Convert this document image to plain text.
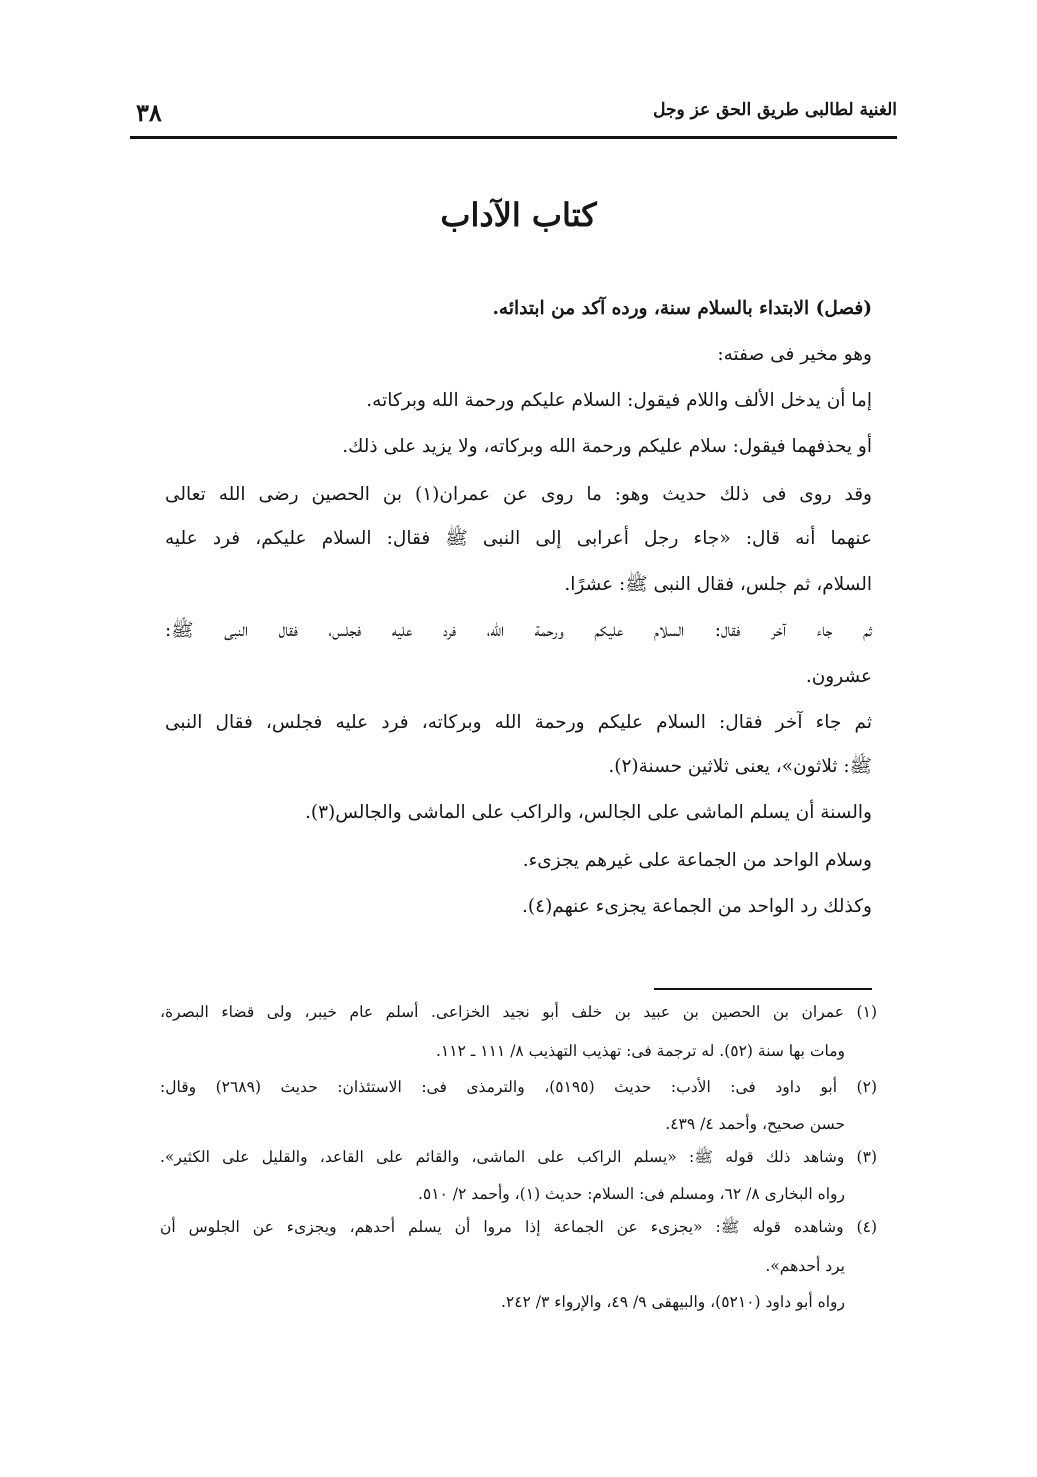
الغنية لطالبى طريق الحق عز وجل
٣٨
كتاب الآداب
(فصل) الابتداء بالسلام سنة، ورده آكد من ابتدائه.
وهو مخير فى صفته:
إما أن يدخل الألف واللام فيقول: السلام عليكم ورحمة الله وبركاته.
أو يحذفهما فيقول: سلام عليكم ورحمة الله وبركاته، ولا يزيد على ذلك.
وقد روى فى ذلك حديث وهو: ما روى عن عمران(١) بن الحصين رضى الله تعالى
عنهما أنه قال: «جاء رجل أعرابى إلى النبى ﷺ فقال: السلام عليكم، فرد عليه
السلام، ثم جلس، فقال النبى ﷺ: عشرًا.
ثم جاء آخر فقال: السلام عليكم ورحمة الله، فرد عليه فجلس، فقال النبى ﷺ:
عشرون.
ثم جاء آخر فقال: السلام عليكم ورحمة الله وبركاته، فرد عليه فجلس، فقال النبى
ﷺ: ثلاثون»، يعنى ثلاثين حسنة(٢).
والسنة أن يسلم الماشى على الجالس، والراكب على الماشى والجالس(٣).
وسلام الواحد من الجماعة على غيرهم يجزىء.
وكذلك رد الواحد من الجماعة يجزىء عنهم(٤).
(١) عمران بن الحصين بن عبيد بن خلف أبو نجيد الخزاعى. أسلم عام خيبر، ولى قضاء البصرة،
ومات بها سنة (٥٢). له ترجمة فى: تهذيب التهذيب ٨/ ١١١ ـ ١١٢.
(٢) أبو داود فى: الأدب: حديث (٥١٩٥)، والترمذى فى: الاستئذان: حديث (٢٦٨٩) وقال:
حسن صحيح، وأحمد ٤/ ٤٣٩.
(٣) وشاهد ذلك قوله ﷺ: «يسلم الراكب على الماشى، والقائم على القاعد، والقليل على الكثير».
رواه البخارى ٨/ ٦٢، ومسلم فى: السلام: حديث (١)، وأحمد ٢/ ٥١٠.
(٤) وشاهده قوله ﷺ: «يجزىء عن الجماعة إذا مروا أن يسلم أحدهم، ويجزىء عن الجلوس أن
يرد أحدهم».
رواه أبو داود (٥٢١٠)، والبيهقى ٩/ ٤٩، والإرواء ٣/ ٢٤٢.
